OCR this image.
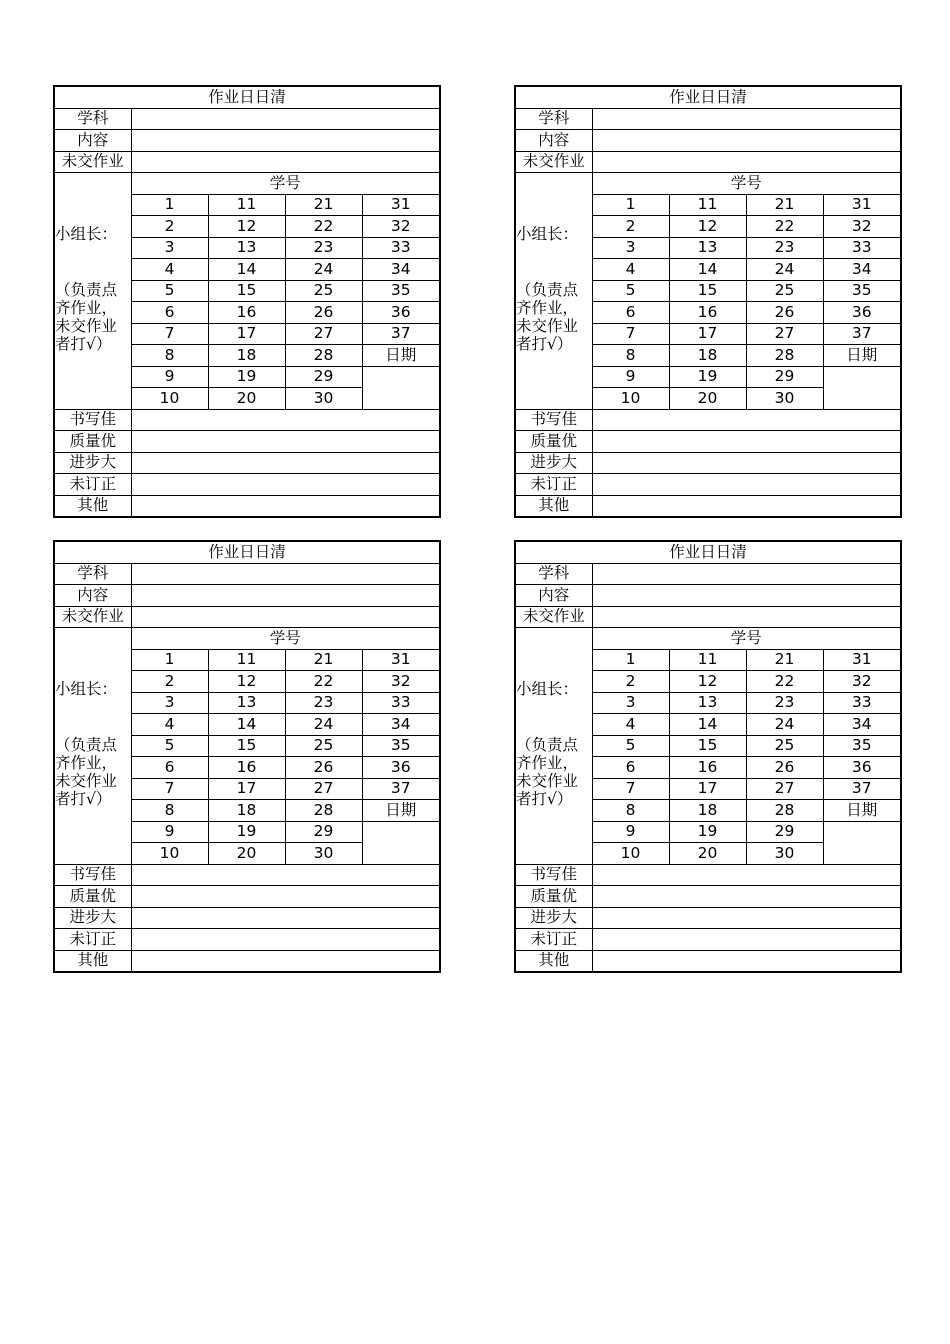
作业日日清				
学科				
内容				
未交作业				

小组长：
（负责点齐作业，未交作业者打√）	学号			
	1	11	21	31
	2	12	22	32
	3	13	23	33
	4	14	24	34
	5	15	25	35
	6	16	26	36
	7	17	27	37
	8	18	28	日期
	9	19	29	
	10	20	30	
书写佳				
质量优				
进步大				
未订正				
其他				
作业日日清				
学科				
内容				
未交作业				

小组长：
（负责点齐作业，未交作业者打√）	学号			
	1	11	21	31
	2	12	22	32
	3	13	23	33
	4	14	24	34
	5	15	25	35
	6	16	26	36
	7	17	27	37
	8	18	28	日期
	9	19	29	
	10	20	30	
书写佳				
质量优				
进步大				
未订正				
其他				
作业日日清				
学科				
内容				
未交作业				

小组长：
（负责点齐作业，未交作业者打√）	学号			
	1	11	21	31
	2	12	22	32
	3	13	23	33
	4	14	24	34
	5	15	25	35
	6	16	26	36
	7	17	27	37
	8	18	28	日期
	9	19	29	
	10	20	30	
书写佳				
质量优				
进步大				
未订正				
其他				
作业日日清				
学科				
内容				
未交作业				

小组长：
（负责点齐作业，未交作业者打√）	学号			
	1	11	21	31
	2	12	22	32
	3	13	23	33
	4	14	24	34
	5	15	25	35
	6	16	26	36
	7	17	27	37
	8	18	28	日期
	9	19	29	
	10	20	30	
书写佳				
质量优				
进步大				
未订正				
其他				
